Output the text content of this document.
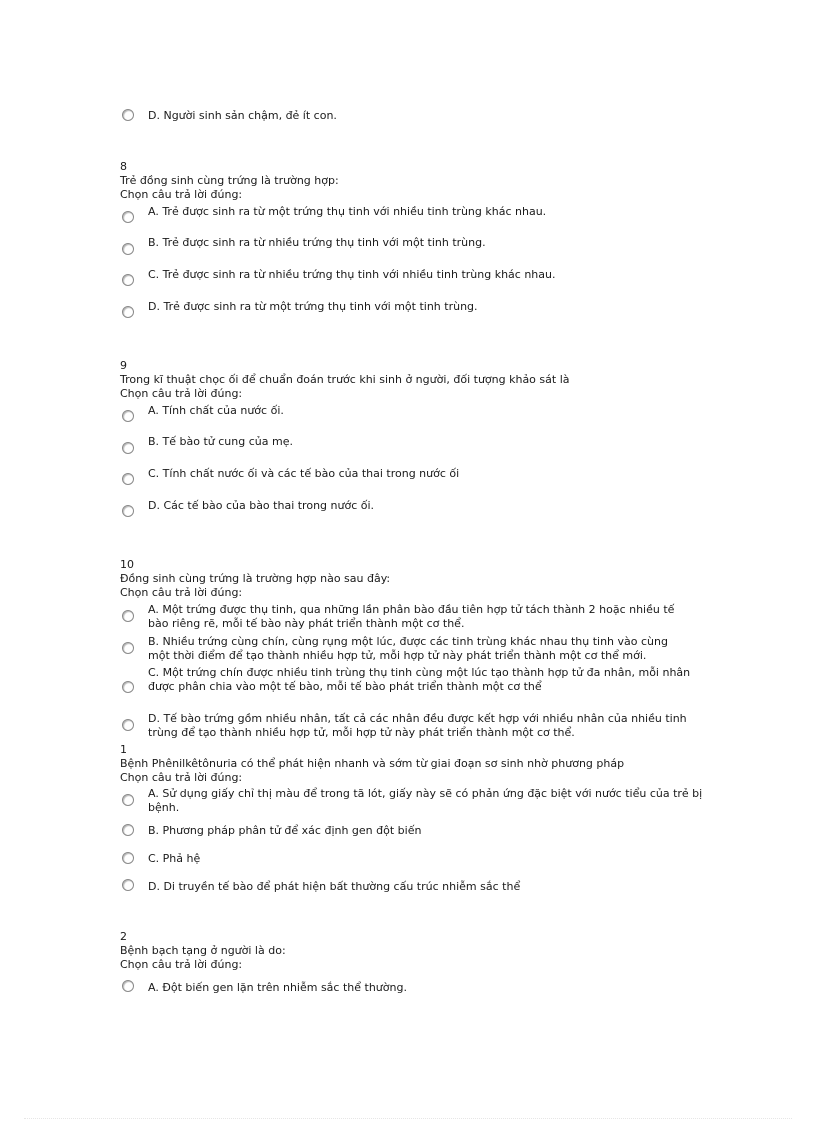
D. Người sinh sản chậm, đẻ ít con.
8
Trẻ đồng sinh cùng trứng là trường hợp:
Chọn câu trả lời đúng:
A. Trẻ được sinh ra từ một trứng thụ tinh với nhiều tinh trùng khác nhau.
B. Trẻ được sinh ra từ nhiều trứng thụ tinh với một tinh trùng.
C. Trẻ được sinh ra từ nhiều trứng thụ tinh với nhiều tinh trùng khác nhau.
D. Trẻ được sinh ra từ một trứng thụ tinh với một tinh trùng.
9
Trong kĩ thuật chọc ối để chuẩn đoán trước khi sinh ở người, đối tượng khảo sát là
Chọn câu trả lời đúng:
A. Tính chất của nước ối.
B. Tế bào tử cung của mẹ.
C. Tính chất nước ối và các tế bào của thai trong nước ối
D. Các tế bào của bào thai trong nước ối.
10
Đồng sinh cùng trứng là trường hợp nào sau đây:
Chọn câu trả lời đúng:
A. Một trứng được thụ tinh, qua những lần phân bào đầu tiên hợp tử tách thành 2 hoặc nhiều tế bào riêng rẽ, mỗi tế bào này phát triển thành một cơ thể.
B. Nhiều trứng cùng chín, cùng rụng một lúc, được các tinh trùng khác nhau thụ tinh vào cùng một thời điểm để tạo thành nhiều hợp tử, mỗi hợp tử này phát triển thành một cơ thể mới.
C. Một trứng chín được nhiều tinh trùng thụ tinh cùng một lúc tạo thành hợp tử đa nhân, mỗi nhân được phân chia vào một tế bào, mỗi tế bào phát triển thành một cơ thể
D. Tế bào trứng gồm nhiều nhân, tất cả các nhân đều được kết hợp với nhiều nhân của nhiều tinh trùng để tạo thành nhiều hợp tử, mỗi hợp tử này phát triển thành một cơ thể.
1
Bệnh Phênilkêtônuria có thể phát hiện nhanh và sớm từ giai đoạn sơ sinh nhờ phương pháp
Chọn câu trả lời đúng:
A. Sử dụng giấy chỉ thị màu để trong tã lót, giấy này sẽ có phản ứng đặc biệt với nước tiểu của trẻ bị bệnh.
B. Phương pháp phân tử để xác định gen đột biến
C. Phả hệ
D. Di truyền tế bào để phát hiện bất thường cấu trúc nhiễm sắc thể
2
Bệnh bạch tạng ở người là do:
Chọn câu trả lời đúng:
A. Đột biến gen lặn trên nhiễm sắc thể thường.
